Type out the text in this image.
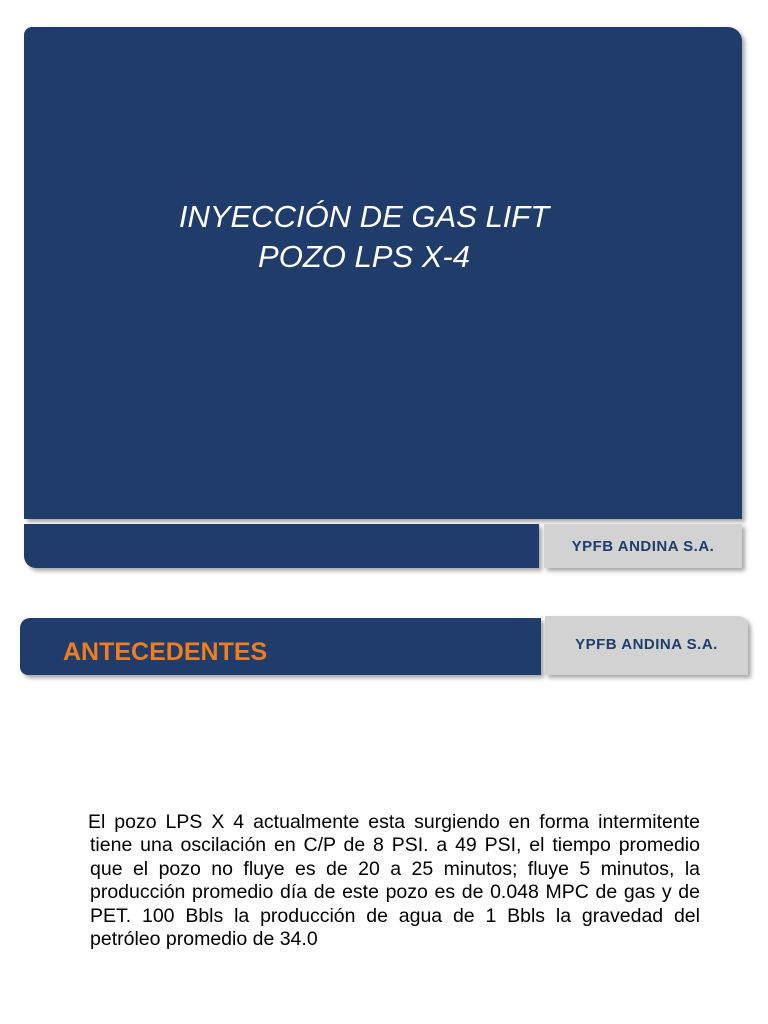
INYECCIÓN DE GAS LIFT
POZO LPS X-4
YPFB ANDINA S.A.
ANTECEDENTES	YPFB ANDINA S.A.

El pozo LPS X 4 actualmente esta surgiendo en forma intermitente tiene una oscilación en C/P de 8 PSI. a 49 PSI, el tiempo promedio que el pozo no fluye es de 20 a 25 minutos; fluye 5 minutos, la producción promedio día de este pozo es de 0.048 MPC de gas y de PET. 100 Bbls la producción de agua de 1 Bbls la gravedad del petróleo promedio de 34.0
